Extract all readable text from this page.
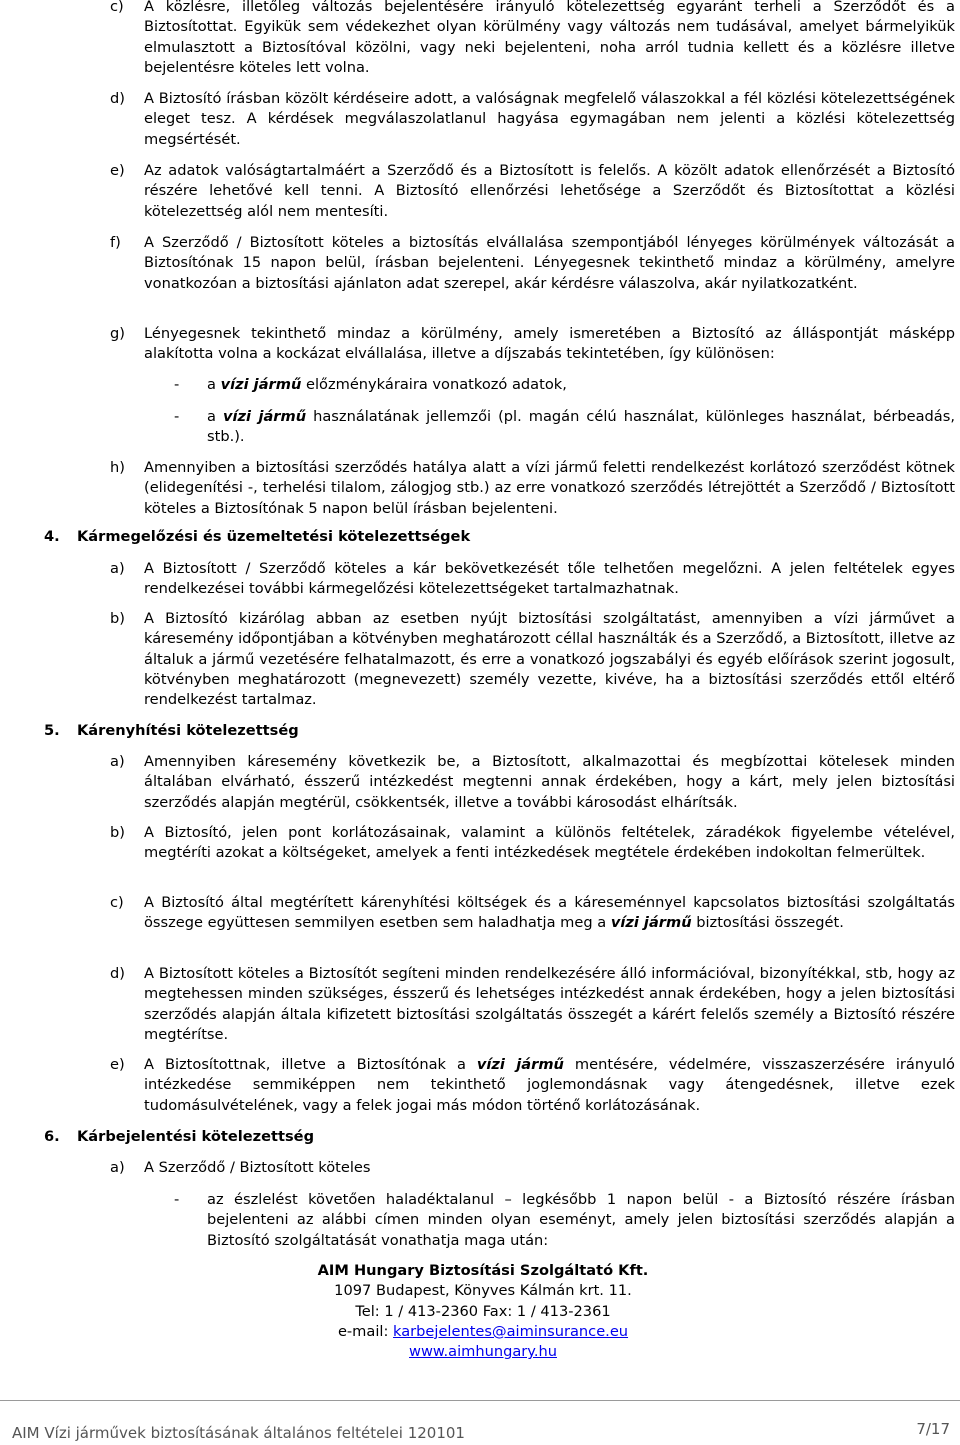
c) A közlésre, illetőleg változás bejelentésére irányuló kötelezettség egyaránt terheli a Szerződőt és a Biztosítottat. Egyikük sem védekezhet olyan körülmény vagy változás nem tudásával, amelyet bármelyikük elmulasztott a Biztosítóval közölni, vagy neki bejelenteni, noha arról tudnia kellett és a közlésre illetve bejelentésre köteles lett volna.
d) A Biztosító írásban közölt kérdéseire adott, a valóságnak megfelelő válaszokkal a fél közlési kötelezettségének eleget tesz. A kérdések megválaszolatlanul hagyása egymagában nem jelenti a közlési kötelezettség megsértését.
e) Az adatok valóságtartalmáért a Szerződő és a Biztosított is felelős. A közölt adatok ellenőrzését a Biztosító részére lehetővé kell tenni. A Biztosító ellenőrzési lehetősége a Szerződőt és Biztosítottat a közlési kötelezettség alól nem mentesíti.
f) A Szerződő / Biztosított köteles a biztosítás elvállalása szempontjából lényeges körülmények változását a Biztosítónak 15 napon belül, írásban bejelenteni. Lényegesnek tekinthető mindaz a körülmény, amelyre vonatkozóan a biztosítási ajánlaton adat szerepel, akár kérdésre válaszolva, akár nyilatkozatként.
g) Lényegesnek tekinthető mindaz a körülmény, amely ismeretében a Biztosító az álláspontját másképp alakította volna a kockázat elvállalása, illetve a díjszabás tekintetében, így különösen:
- a vízi jármű előzménykáraira vonatkozó adatok,
- a vízi jármű használatának jellemzői (pl. magán célú használat, különleges használat, bérbeadás, stb.).
h) Amennyiben a biztosítási szerződés hatálya alatt a vízi jármű feletti rendelkezést korlátozó szerződést kötnek (elidegenítési -, terhelési tilalom, zálogjog stb.) az erre vonatkozó szerződés létrejöttét a Szerződő / Biztosított köteles a Biztosítónak 5 napon belül írásban bejelenteni.
4. Kármegelőzési és üzemeltetési kötelezettségek
a) A Biztosított / Szerződő köteles a kár bekövetkezését tőle telhetően megelőzni. A jelen feltételek egyes rendelkezései további kármegelőzési kötelezettségeket tartalmazhatnak.
b) A Biztosító kizárólag abban az esetben nyújt biztosítási szolgáltatást, amennyiben a vízi járművet a káresemény időpontjában a kötvényben meghatározott céllal használták és a Szerződő, a Biztosított, illetve az általuk a jármű vezetésére felhatalmazott, és erre a vonatkozó jogszabályi és egyéb előírások szerint jogosult, kötvényben meghatározott (megnevezett) személy vezette, kivéve, ha a biztosítási szerződés ettől eltérő rendelkezést tartalmaz.
5. Kárenyhítési kötelezettség
a) Amennyiben káresemény következik be, a Biztosított, alkalmazottai és megbízottai kötelesek minden általában elvárható, ésszerű intézkedést megtenni annak érdekében, hogy a kárt, mely jelen biztosítási szerződés alapján megtérül, csökkentsék, illetve a további károsodást elhárítsák.
b) A Biztosító, jelen pont korlátozásainak, valamint a különös feltételek, záradékok figyelembe vételével, megtéríti azokat a költségeket, amelyek a fenti intézkedések megtétele érdekében indokoltan felmerültek.
c) A Biztosító által megtérített kárenyhítési költségek és a káreseménnyel kapcsolatos biztosítási szolgáltatás összege együttesen semmilyen esetben sem haladhatja meg a vízi jármű biztosítási összegét.
d) A Biztosított köteles a Biztosítót segíteni minden rendelkezésére álló információval, bizonyítékkal, stb, hogy az megtehessen minden szükséges, ésszerű és lehetséges intézkedést annak érdekében, hogy a jelen biztosítási szerződés alapján általa kifizetett biztosítási szolgáltatás összegét a kárért felelős személy a Biztosító részére megtérítse.
e) A Biztosítottnak, illetve a Biztosítónak a vízi jármű mentésére, védelmére, visszaszerzésére irányuló intézkedése semmiképpen nem tekinthető joglemondásnak vagy átengedésnek, illetve ezek tudomásulvételének, vagy a felek jogai más módon történő korlátozásának.
6. Kárbejelentési kötelezettség
a) A Szerződő / Biztosított köteles
- az észlelést követően haladéktalanul – legkésőbb 1 napon belül - a Biztosító részére írásban bejelenteni az alábbi címen minden olyan eseményt, amely jelen biztosítási szerződés alapján a Biztosító szolgáltatását vonathatja maga után:
AIM Hungary Biztosítási Szolgáltató Kft.
1097 Budapest, Könyves Kálmán krt. 11.
Tel: 1 / 413-2360 Fax: 1 / 413-2361
e-mail: karbejelentes@aiminsurance.eu
www.aimhungary.hu
AIM Vízi járművek biztosításának általános feltételei 120101	7/17
